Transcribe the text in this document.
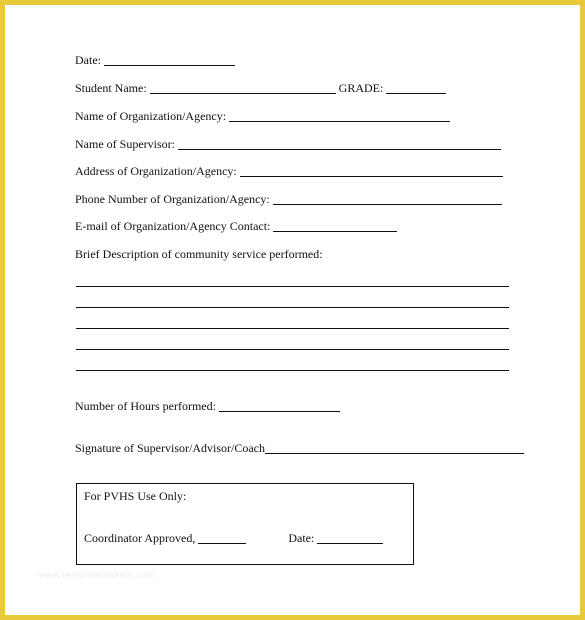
Date:
Student Name:	GRADE:
Name of Organization/Agency:
Name of Supervisor:
Address of Organization/Agency:
Phone Number of Organization/Agency:
E-mail of Organization/Agency Contact:
Brief Description of community service performed:
Number of Hours performed:
Signature of Supervisor/Advisor/Coach
For PVHS Use Only:
Coordinator Approved,	Date:
www.templatemakers.com
